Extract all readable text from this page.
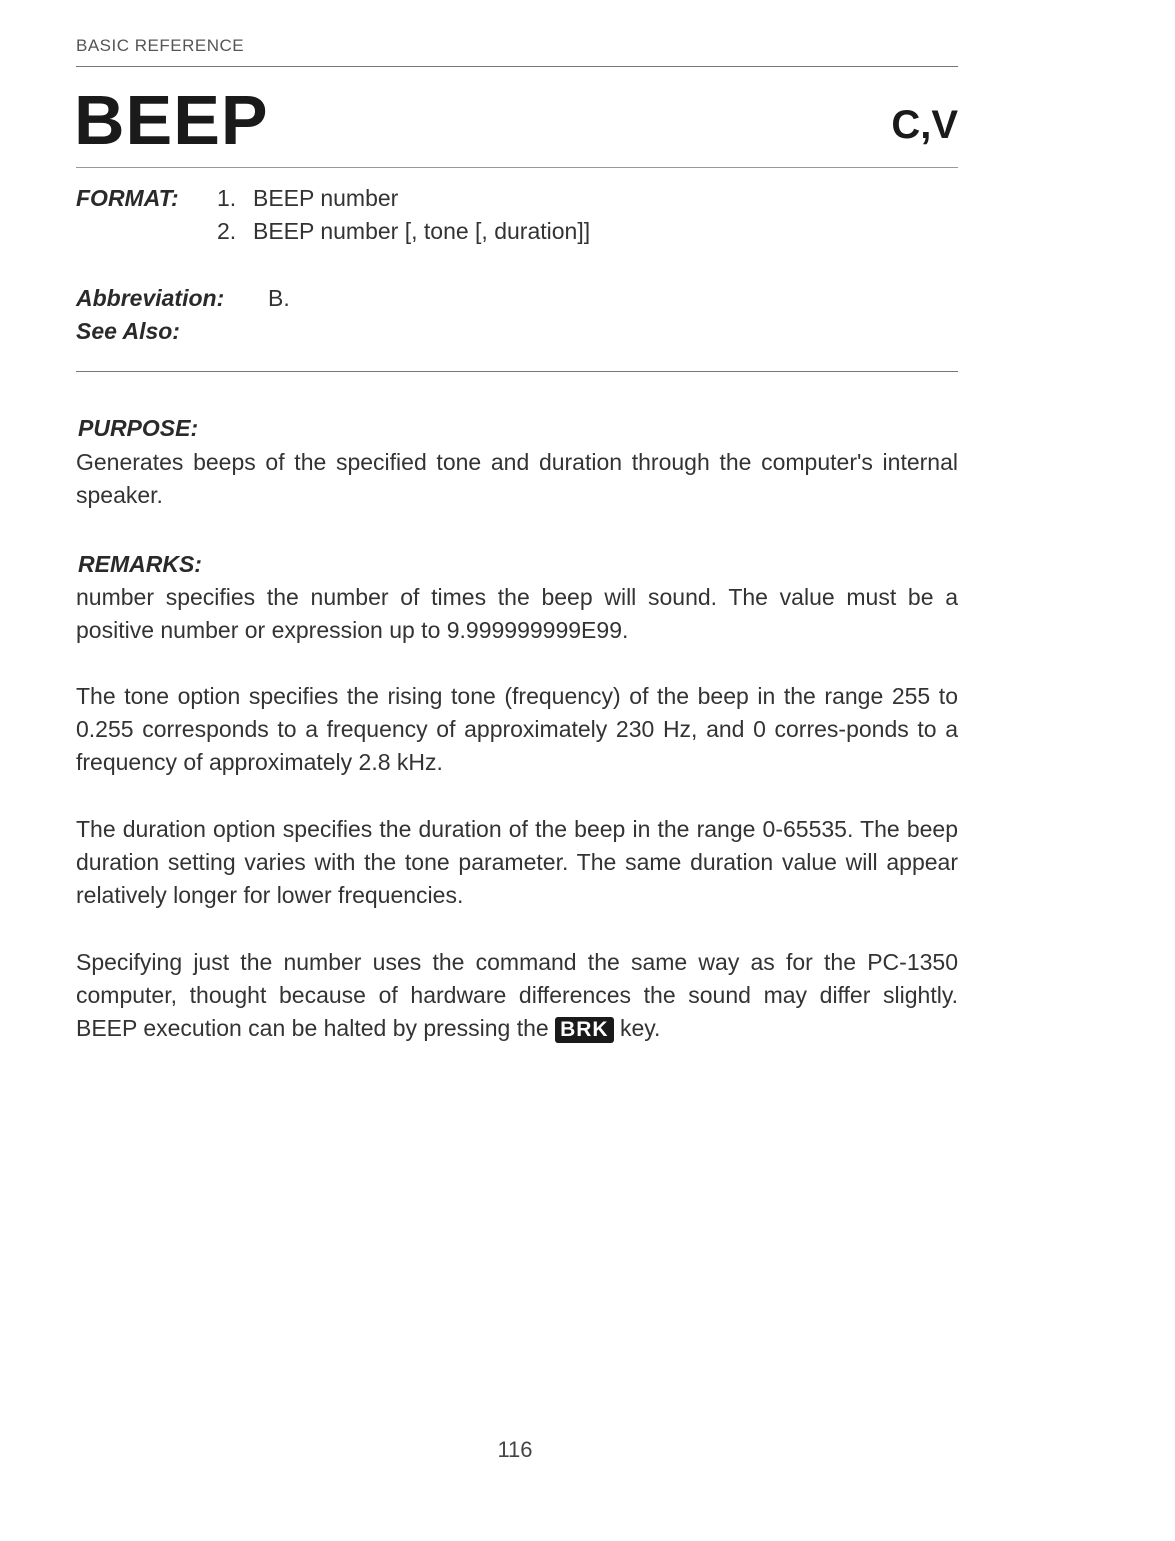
BASIC REFERENCE
BEEP	C,V
FORMAT: 1. BEEP number
2. BEEP number [, tone [, duration]]
Abbreviation: B.
See Also:
PURPOSE:
Generates beeps of the specified tone and duration through the computer's internal speaker.
REMARKS:
number specifies the number of times the beep will sound. The value must be a positive number or expression up to 9.999999999E99.
The tone option specifies the rising tone (frequency) of the beep in the range 255 to 0.255 corresponds to a frequency of approximately 230 Hz, and 0 corres-ponds to a frequency of approximately 2.8 kHz.
The duration option specifies the duration of the beep in the range 0-65535. The beep duration setting varies with the tone parameter. The same duration value will appear relatively longer for lower frequencies.
Specifying just the number uses the command the same way as for the PC-1350 computer, thought because of hardware differences the sound may differ slightly. BEEP execution can be halted by pressing the BRK key.
116
